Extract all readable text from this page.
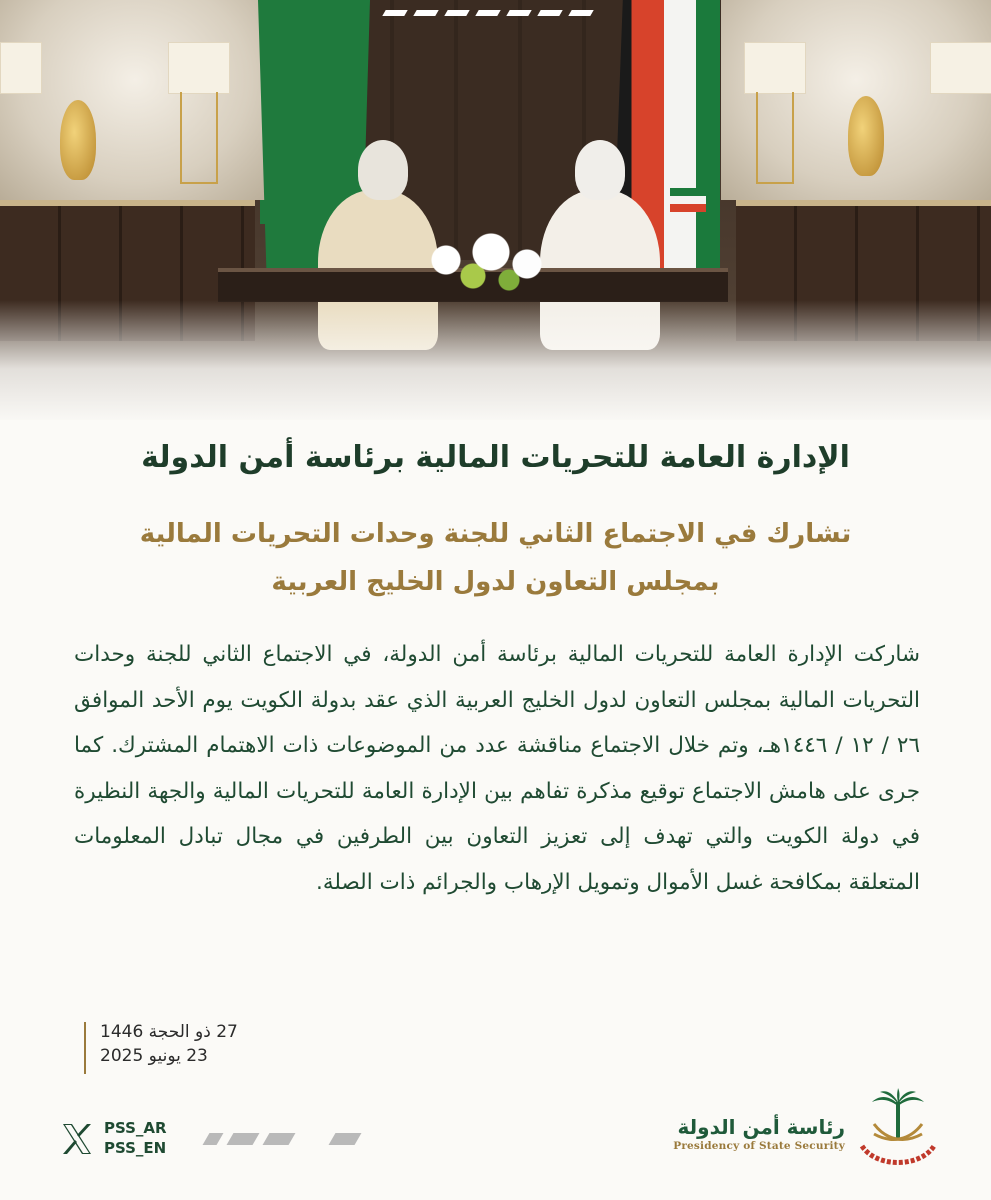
الإدارة العامة للتحريات المالية برئاسة أمن الدولة
تشارك في الاجتماع الثاني للجنة وحدات التحريات المالية
بمجلس التعاون لدول الخليج العربية

شاركت الإدارة العامة للتحريات المالية برئاسة أمن الدولة، في الاجتماع الثاني للجنة وحدات التحريات المالية بمجلس التعاون لدول الخليج العربية الذي عقد بدولة الكويت يوم الأحد الموافق ٢٦ / ١٢ / ١٤٤٦هـ، وتم خلال الاجتماع مناقشة عدد من الموضوعات ذات الاهتمام المشترك. كما جرى على هامش الاجتماع توقيع مذكرة تفاهم بين الإدارة العامة للتحريات المالية والجهة النظيرة في دولة الكويت والتي تهدف إلى تعزيز التعاون بين الطرفين في مجال تبادل المعلومات المتعلقة بمكافحة غسل الأموال وتمويل الإرهاب والجرائم ذات الصلة.

27 ذو الحجة 1446
23 يونيو 2025
PSS_AR
PSS_EN
رئاسة أمن الدولة
Presidency of State Security
